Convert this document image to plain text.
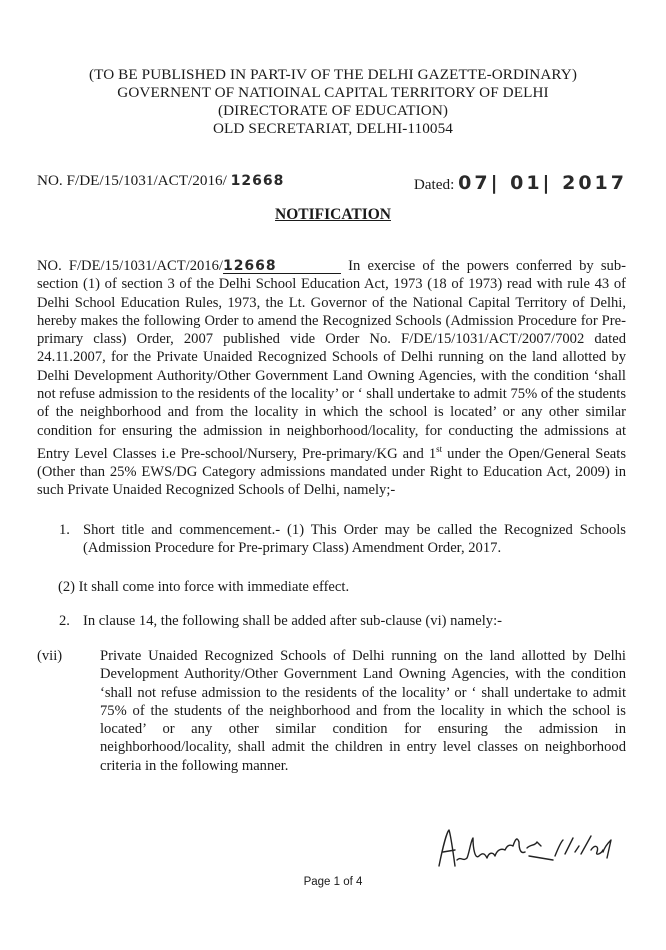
(TO BE PUBLISHED IN PART-IV OF THE DELHI GAZETTE-ORDINARY)
GOVERNENT OF NATIOINAL CAPITAL TERRITORY OF DELHI
(DIRECTORATE OF EDUCATION)
OLD SECRETARIAT, DELHI-110054
NO. F/DE/15/1031/ACT/2016/ 12668	Dated: 07| 01| 2017
NOTIFICATION
NO. F/DE/15/1031/ACT/2016/12668	In exercise of the powers conferred by sub-section (1) of section 3 of the Delhi School Education Act, 1973 (18 of 1973) read with rule 43 of Delhi School Education Rules, 1973, the Lt. Governor of the National Capital Territory of Delhi, hereby makes the following Order to amend the Recognized Schools (Admission Procedure for Pre-primary class) Order, 2007 published vide Order No. F/DE/15/1031/ACT/2007/7002 dated 24.11.2007, for the Private Unaided Recognized Schools of Delhi running on the land allotted by Delhi Development Authority/Other Government Land Owning Agencies, with the condition ‘shall not refuse admission to the residents of the locality’ or ‘ shall undertake to admit 75% of the students of the neighborhood and from the locality in which the school is located’ or any other similar condition for ensuring the admission in neighborhood/locality, for conducting the admissions at Entry Level Classes i.e Pre-school/Nursery, Pre-primary/KG and 1st under the Open/General Seats (Other than 25% EWS/DG Category admissions mandated under Right to Education Act, 2009) in such Private Unaided Recognized Schools of Delhi, namely;-
1. Short title and commencement.- (1) This Order may be called the Recognized Schools (Admission Procedure for Pre-primary Class) Amendment Order, 2017.
(2) It shall come into force with immediate effect.
2. In clause 14, the following shall be added after sub-clause (vi) namely:-
(vii)	Private Unaided Recognized Schools of Delhi running on the land allotted by Delhi Development Authority/Other Government Land Owning Agencies, with the condition ‘shall not refuse admission to the residents of the locality’ or ‘ shall undertake to admit 75% of the students of the neighborhood and from the locality in which the school is located’ or any other similar condition for ensuring the admission in neighborhood/locality, shall admit the children in entry level classes on neighborhood criteria in the following manner.
Page 1 of 4
